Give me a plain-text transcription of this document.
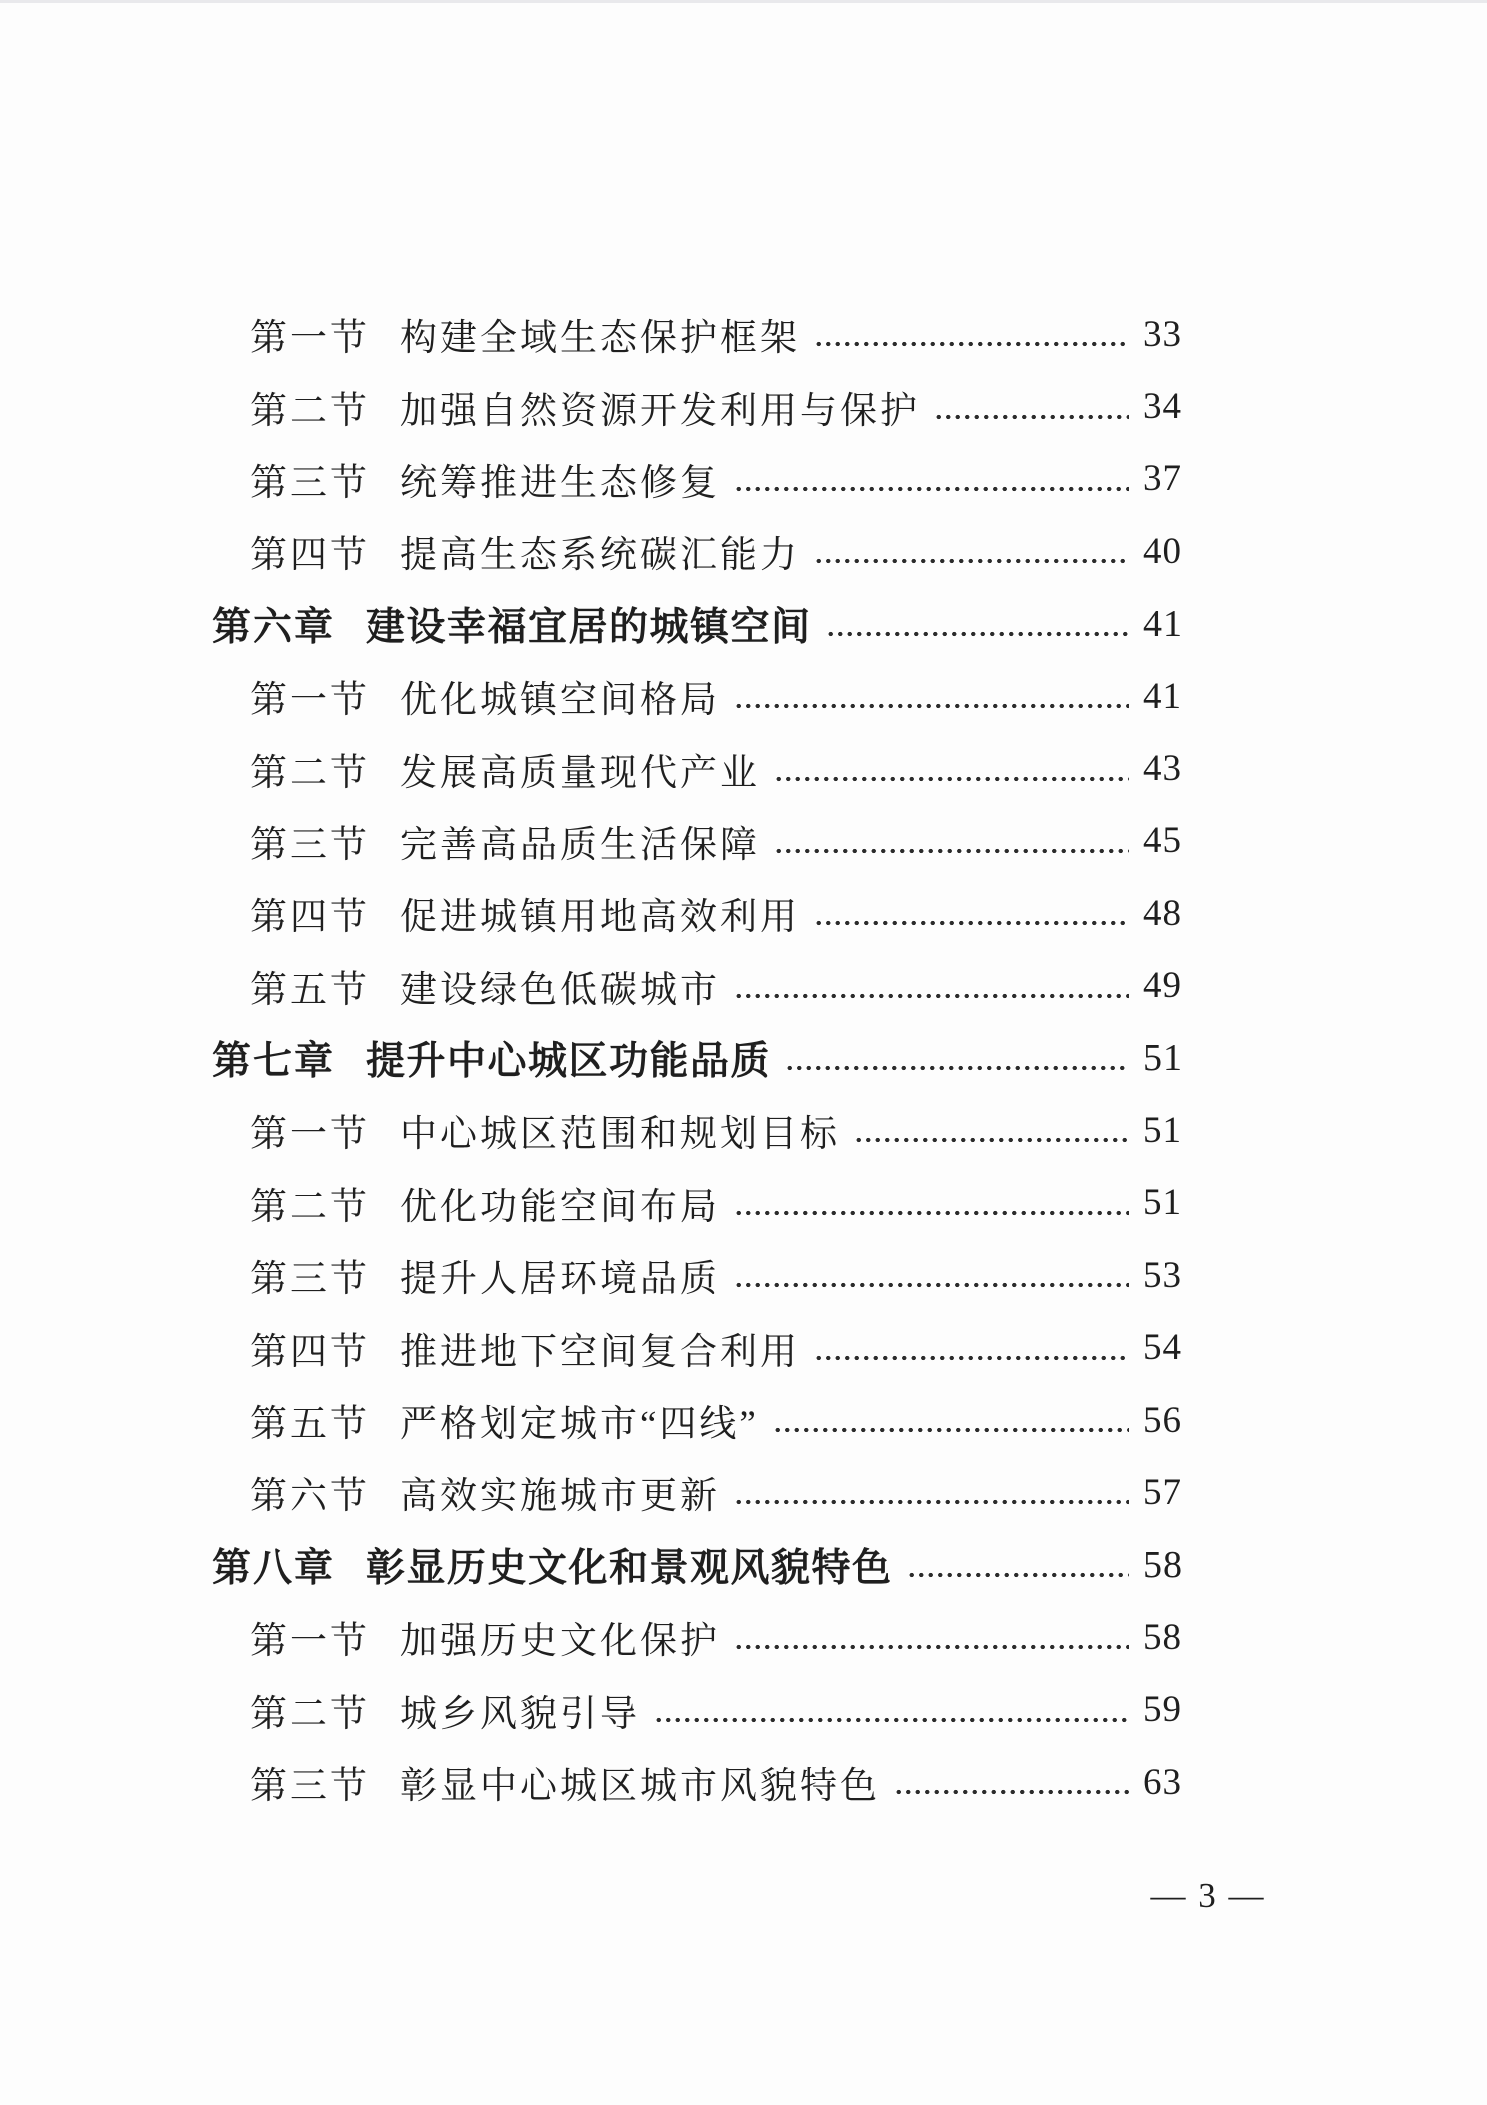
第一节 构建全域生态保护框架	33
第二节 加强自然资源开发利用与保护	34
第三节 统筹推进生态修复	37
第四节 提高生态系统碳汇能力	40
第六章 建设幸福宜居的城镇空间	41
第一节 优化城镇空间格局	41
第二节 发展高质量现代产业	43
第三节 完善高品质生活保障	45
第四节 促进城镇用地高效利用	48
第五节 建设绿色低碳城市	49
第七章 提升中心城区功能品质	51
第一节 中心城区范围和规划目标	51
第二节 优化功能空间布局	51
第三节 提升人居环境品质	53
第四节 推进地下空间复合利用	54
第五节 严格划定城市“四线”	56
第六节 高效实施城市更新	57
第八章 彰显历史文化和景观风貌特色	58
第一节 加强历史文化保护	58
第二节 城乡风貌引导	59
第三节 彰显中心城区城市风貌特色	63
— 3 —
